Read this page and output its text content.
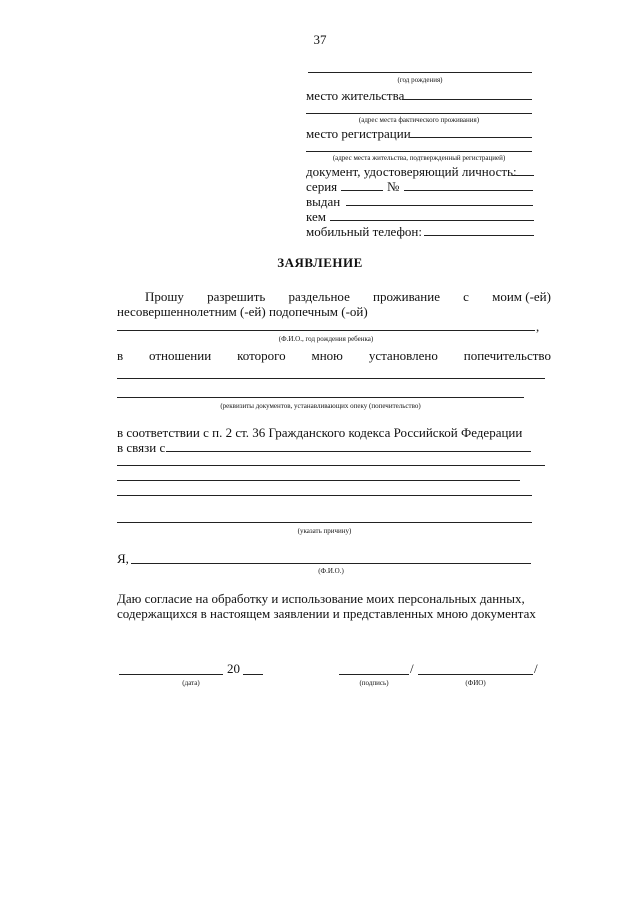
37
(год рождения)
место жительства
(адрес места фактического проживания)
место регистрации
(адрес места жительства, подтвержденный регистрацией)
документ, удостоверяющий личность:
серия	№
выдан
кем
мобильный телефон:
ЗАЯВЛЕНИЕ
Прошу разрешить раздельное проживание с моим (-ей)
несовершеннолетним (-ей) подопечным (-ой)
,
(Ф.И.О., год рождения ребенка)
в отношении которого мною установлено попечительство
(реквизиты документов, устанавливающих опеку (попечительство)
в соответствии с п. 2 ст. 36 Гражданского кодекса Российской Федерации
в связи с
(указать причину)
Я,
(Ф.И.О.)
Даю согласие на обработку и использование моих персональных данных,
содержащихся в настоящем заявлении и представленных мною документах
20
(дата)
/	/
(подпись)	(ФИО)
